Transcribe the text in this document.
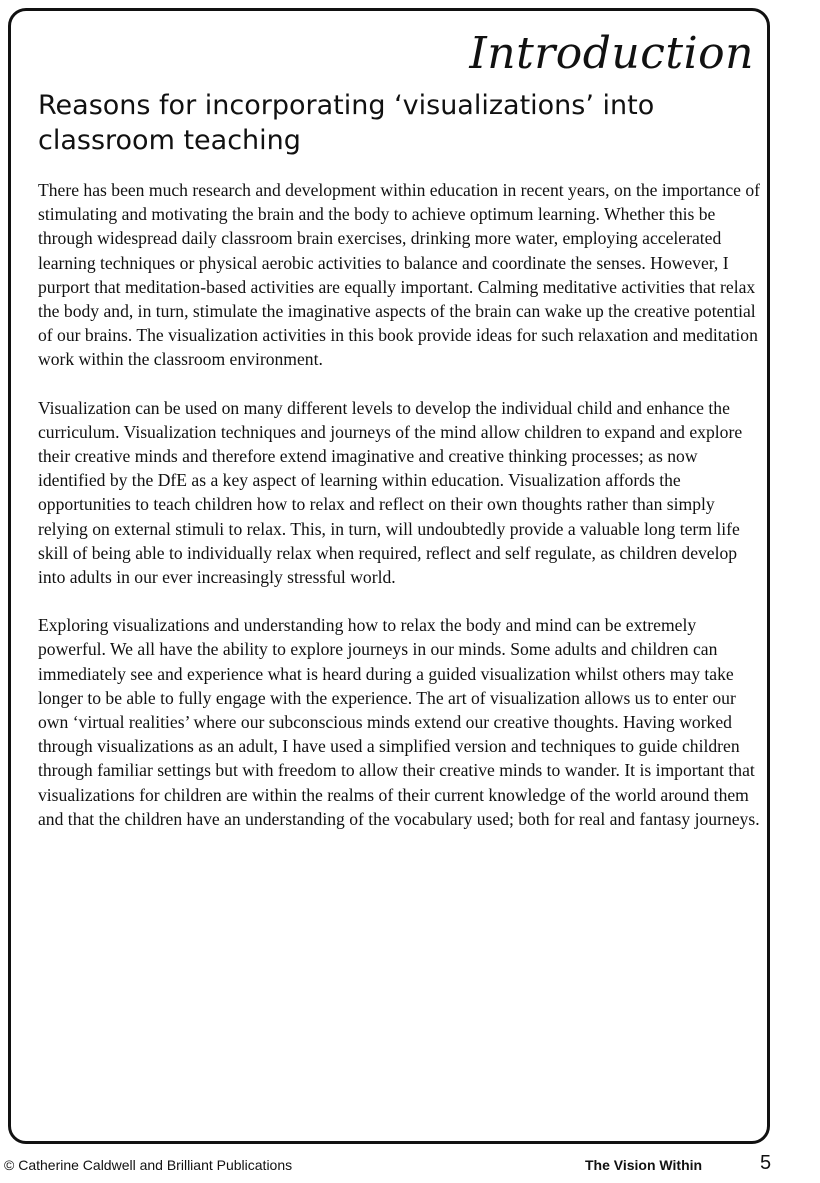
Introduction
Reasons for incorporating ‘visualizations’ into classroom teaching

There has been much research and development within education in recent years, on the importance of stimulating and motivating the brain and the body to achieve optimum learning. Whether this be through widespread daily classroom brain exercises, drinking more water, employing accelerated learning techniques or physical aerobic activities to balance and coordinate the senses. However, I purport that meditation-based activities are equally important. Calming meditative activities that relax the body and, in turn, stimulate the imaginative aspects of the brain can wake up the creative potential of our brains. The visualization activities in this book provide ideas for such relaxation and meditation work within the classroom environment.

Visualization can be used on many different levels to develop the individual child and enhance the curriculum. Visualization techniques and journeys of the mind allow children to expand and explore their creative minds and therefore extend imaginative and creative thinking processes; as now identified by the DfE as a key aspect of learning within education. Visualization affords the opportunities to teach children how to relax and reflect on their own thoughts rather than simply relying on external stimuli to relax. This, in turn, will undoubtedly provide a valuable long term life skill of being able to individually relax when required, reflect and self regulate, as children develop into adults in our ever increasingly stressful world.

Exploring visualizations and understanding how to relax the body and mind can be extremely powerful. We all have the ability to explore journeys in our minds. Some adults and children can immediately see and experience what is heard during a guided visualization whilst others may take longer to be able to fully engage with the experience. The art of visualization allows us to enter our own ‘virtual realities’ where our subconscious minds extend our creative thoughts. Having worked through visualizations as an adult, I have used a simplified version and techniques to guide children through familiar settings but with freedom to allow their creative minds to wander. It is important that visualizations for children are within the realms of their current knowledge of the world around them and that the children have an understanding of the vocabulary used; both for real and fantasy journeys.

© Catherine Caldwell and Brilliant Publications	The Vision Within	5
